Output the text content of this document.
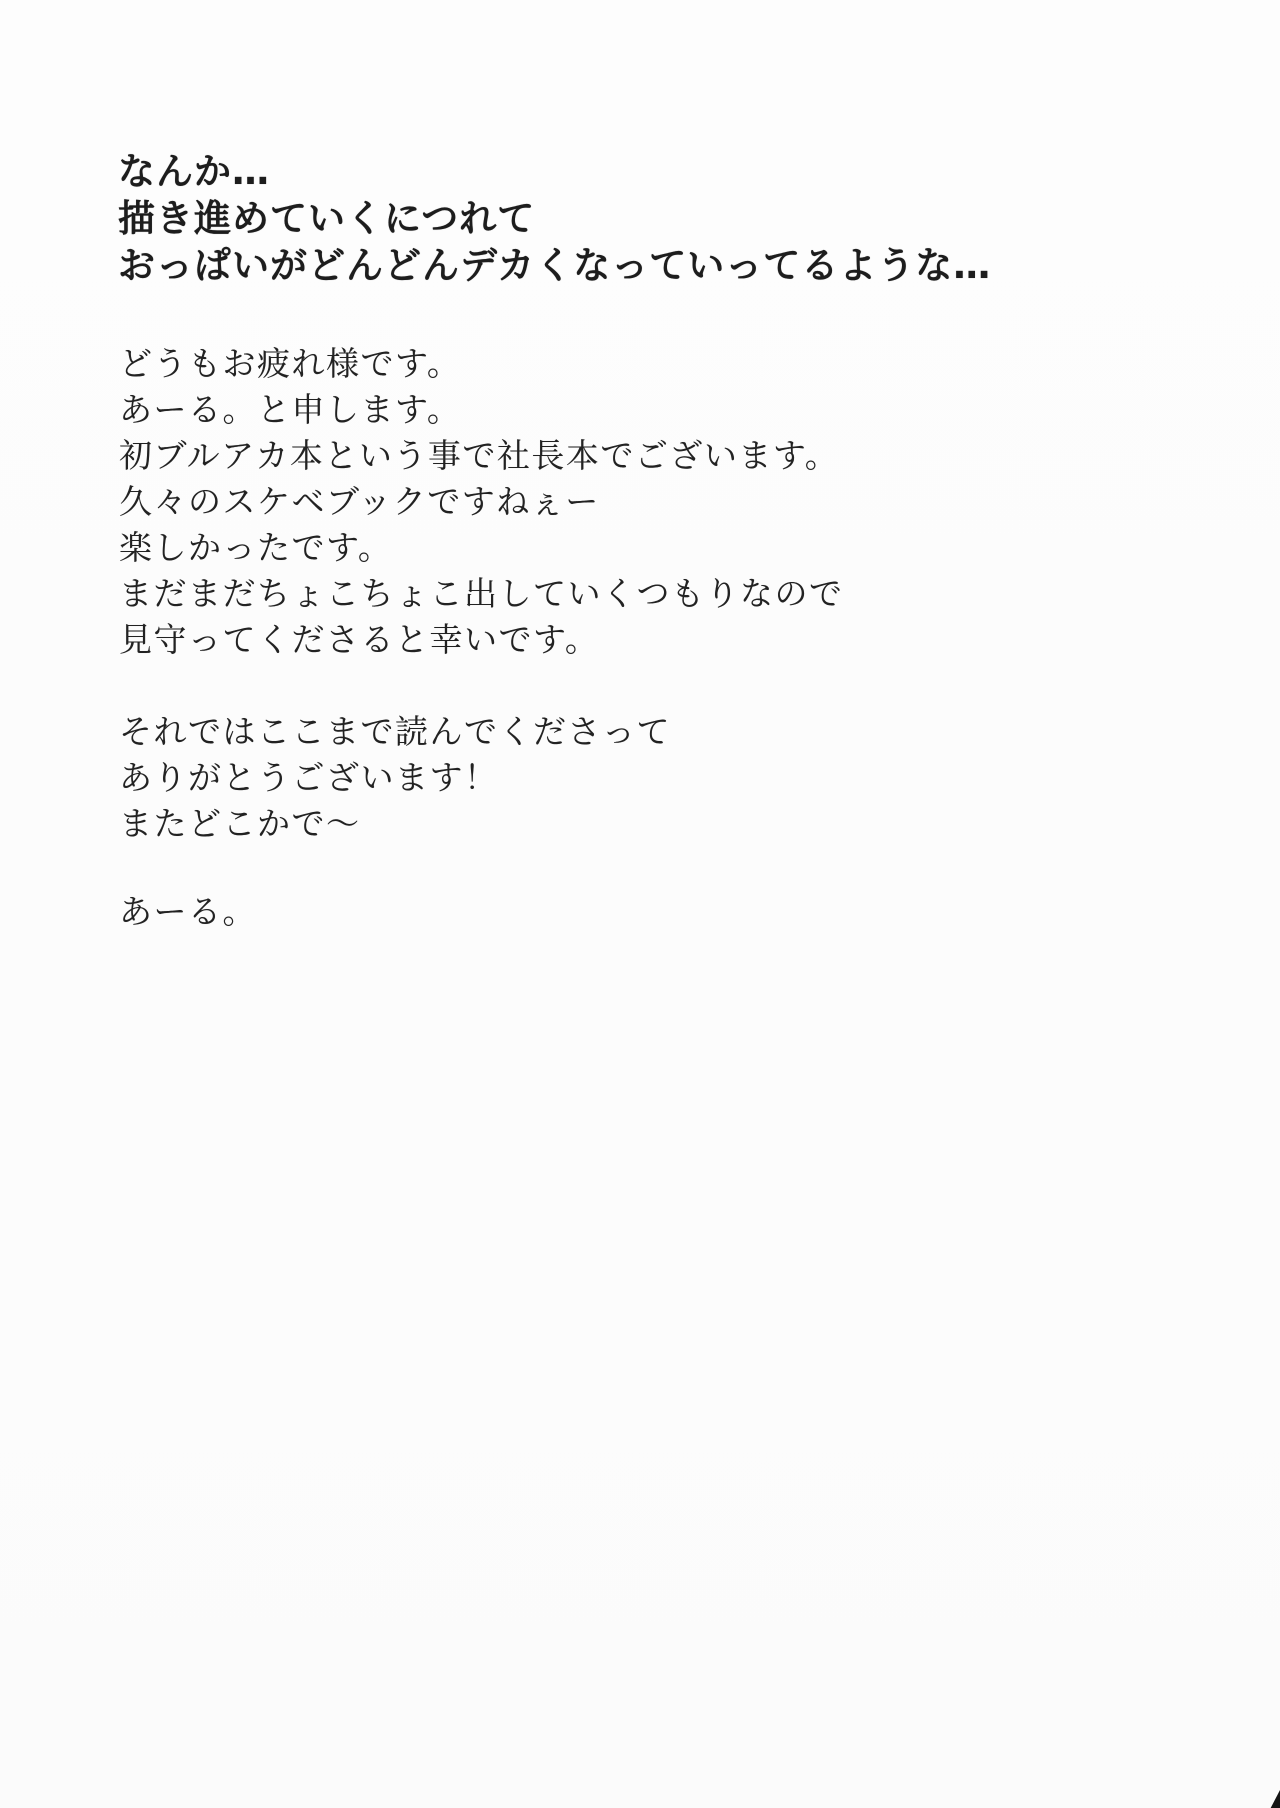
なんか…
描き進めていくにつれて
おっぱいがどんどんデカくなっていってるような…
どうもお疲れ様です。
あーる。と申します。
初ブルアカ本という事で社長本でございます。
久々のスケベブックですねぇー
楽しかったです。
まだまだちょこちょこ出していくつもりなので
見守ってくださると幸いです。
それではここまで読んでくださって
ありがとうございます！
またどこかで～
あーる。
